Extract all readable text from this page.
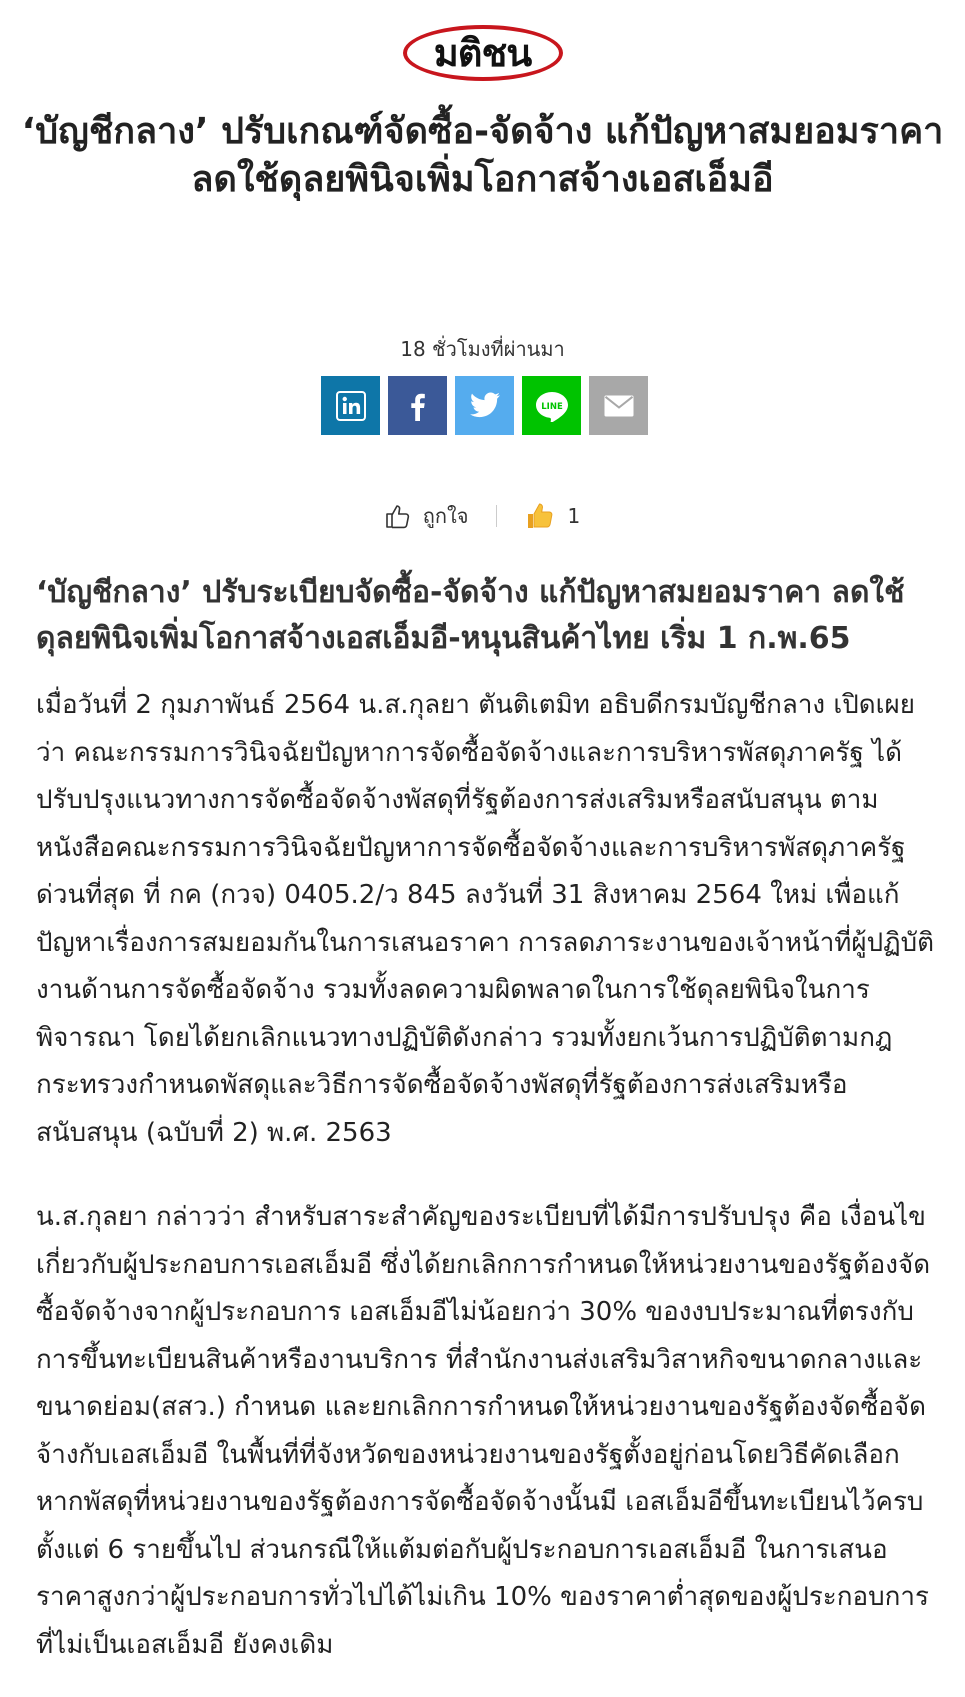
มติชน
‘บัญชีกลาง’ ปรับเกณฑ์จัดซื้อ-จัดจ้าง แก้ปัญหาสมยอมราคา ลดใช้ดุลยพินิจเพิ่มโอกาสจ้างเอสเอ็มอี
18 ชั่วโมงที่ผ่านมา
LINE
ถูกใจ	1
‘บัญชีกลาง’ ปรับระเบียบจัดซื้อ-จัดจ้าง แก้ปัญหาสมยอมราคา ลดใช้ดุลยพินิจเพิ่มโอกาสจ้างเอสเอ็มอี-หนุนสินค้าไทย เริ่ม 1 ก.พ.65

เมื่อวันที่ 2 กุมภาพันธ์ 2564 น.ส.กุลยา ตันติเตมิท อธิบดีกรมบัญชีกลาง เปิดเผยว่า คณะกรรมการวินิจฉัยปัญหาการจัดซื้อจัดจ้างและการบริหารพัสดุภาครัฐ ได้ปรับปรุงแนวทางการจัดซื้อจัดจ้างพัสดุที่รัฐต้องการส่งเสริมหรือสนับสนุน ตามหนังสือคณะกรรมการวินิจฉัยปัญหาการจัดซื้อจัดจ้างและการบริหารพัสดุภาครัฐ ด่วนที่สุด ที่ กค (กวจ) 0405.2/ว 845 ลงวันที่ 31 สิงหาคม 2564 ใหม่ เพื่อแก้ปัญหาเรื่องการสมยอมกันในการเสนอราคา การลดภาระงานของเจ้าหน้าที่ผู้ปฏิบัติงานด้านการจัดซื้อจัดจ้าง รวมทั้งลดความผิดพลาดในการใช้ดุลยพินิจในการพิจารณา โดยได้ยกเลิกแนวทางปฏิบัติดังกล่าว รวมทั้งยกเว้นการปฏิบัติตามกฎกระทรวงกำหนดพัสดุและวิธีการจัดซื้อจัดจ้างพัสดุที่รัฐต้องการส่งเสริมหรือสนับสนุน (ฉบับที่ 2) พ.ศ. 2563

น.ส.กุลยา กล่าวว่า สำหรับสาระสำคัญของระเบียบที่ได้มีการปรับปรุง คือ เงื่อนไขเกี่ยวกับผู้ประกอบการเอสเอ็มอี ซึ่งได้ยกเลิกการกำหนดให้หน่วยงานของรัฐต้องจัดซื้อจัดจ้างจากผู้ประกอบการ เอสเอ็มอีไม่น้อยกว่า 30% ของงบประมาณที่ตรงกับการขึ้นทะเบียนสินค้าหรืองานบริการ ที่สำนักงานส่งเสริมวิสาหกิจขนาดกลางและขนาดย่อม(สสว.) กำหนด และยกเลิกการกำหนดให้หน่วยงานของรัฐต้องจัดซื้อจัดจ้างกับเอสเอ็มอี ในพื้นที่ที่จังหวัดของหน่วยงานของรัฐตั้งอยู่ก่อนโดยวิธีคัดเลือก หากพัสดุที่หน่วยงานของรัฐต้องการจัดซื้อจัดจ้างนั้นมี เอสเอ็มอีขึ้นทะเบียนไว้ครบตั้งแต่ 6 รายขึ้นไป ส่วนกรณีให้แต้มต่อกับผู้ประกอบการเอสเอ็มอี ในการเสนอราคาสูงกว่าผู้ประกอบการทั่วไปได้ไม่เกิน 10% ของราคาต่ำสุดของผู้ประกอบการที่ไม่เป็นเอสเอ็มอี ยังคงเดิม
